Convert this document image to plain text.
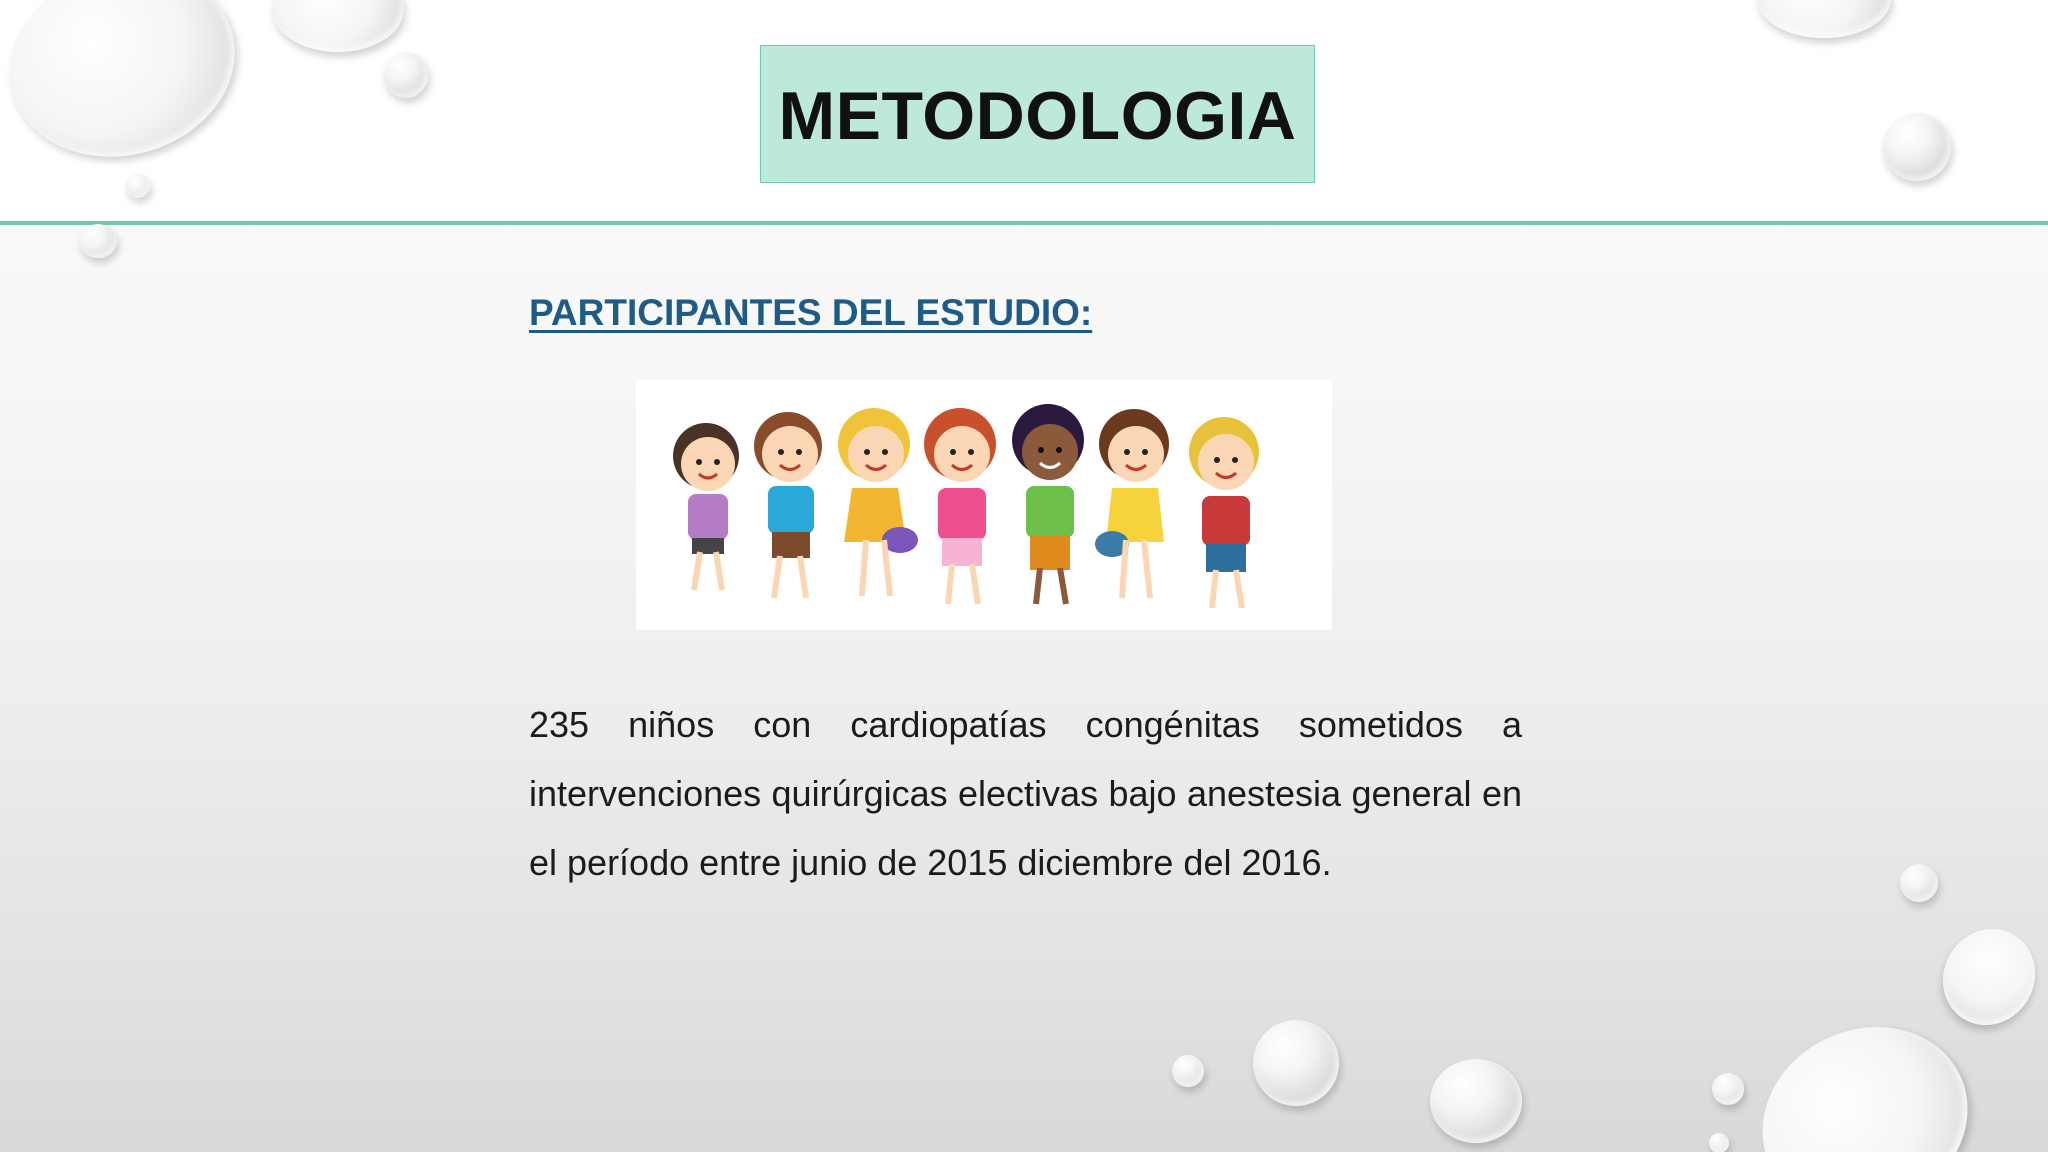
METODOLOGIA
PARTICIPANTES DEL ESTUDIO:
235 niños con cardiopatías congénitas sometidos a intervenciones quirúrgicas electivas bajo anestesia general en el período entre junio de 2015 diciembre del 2016.
